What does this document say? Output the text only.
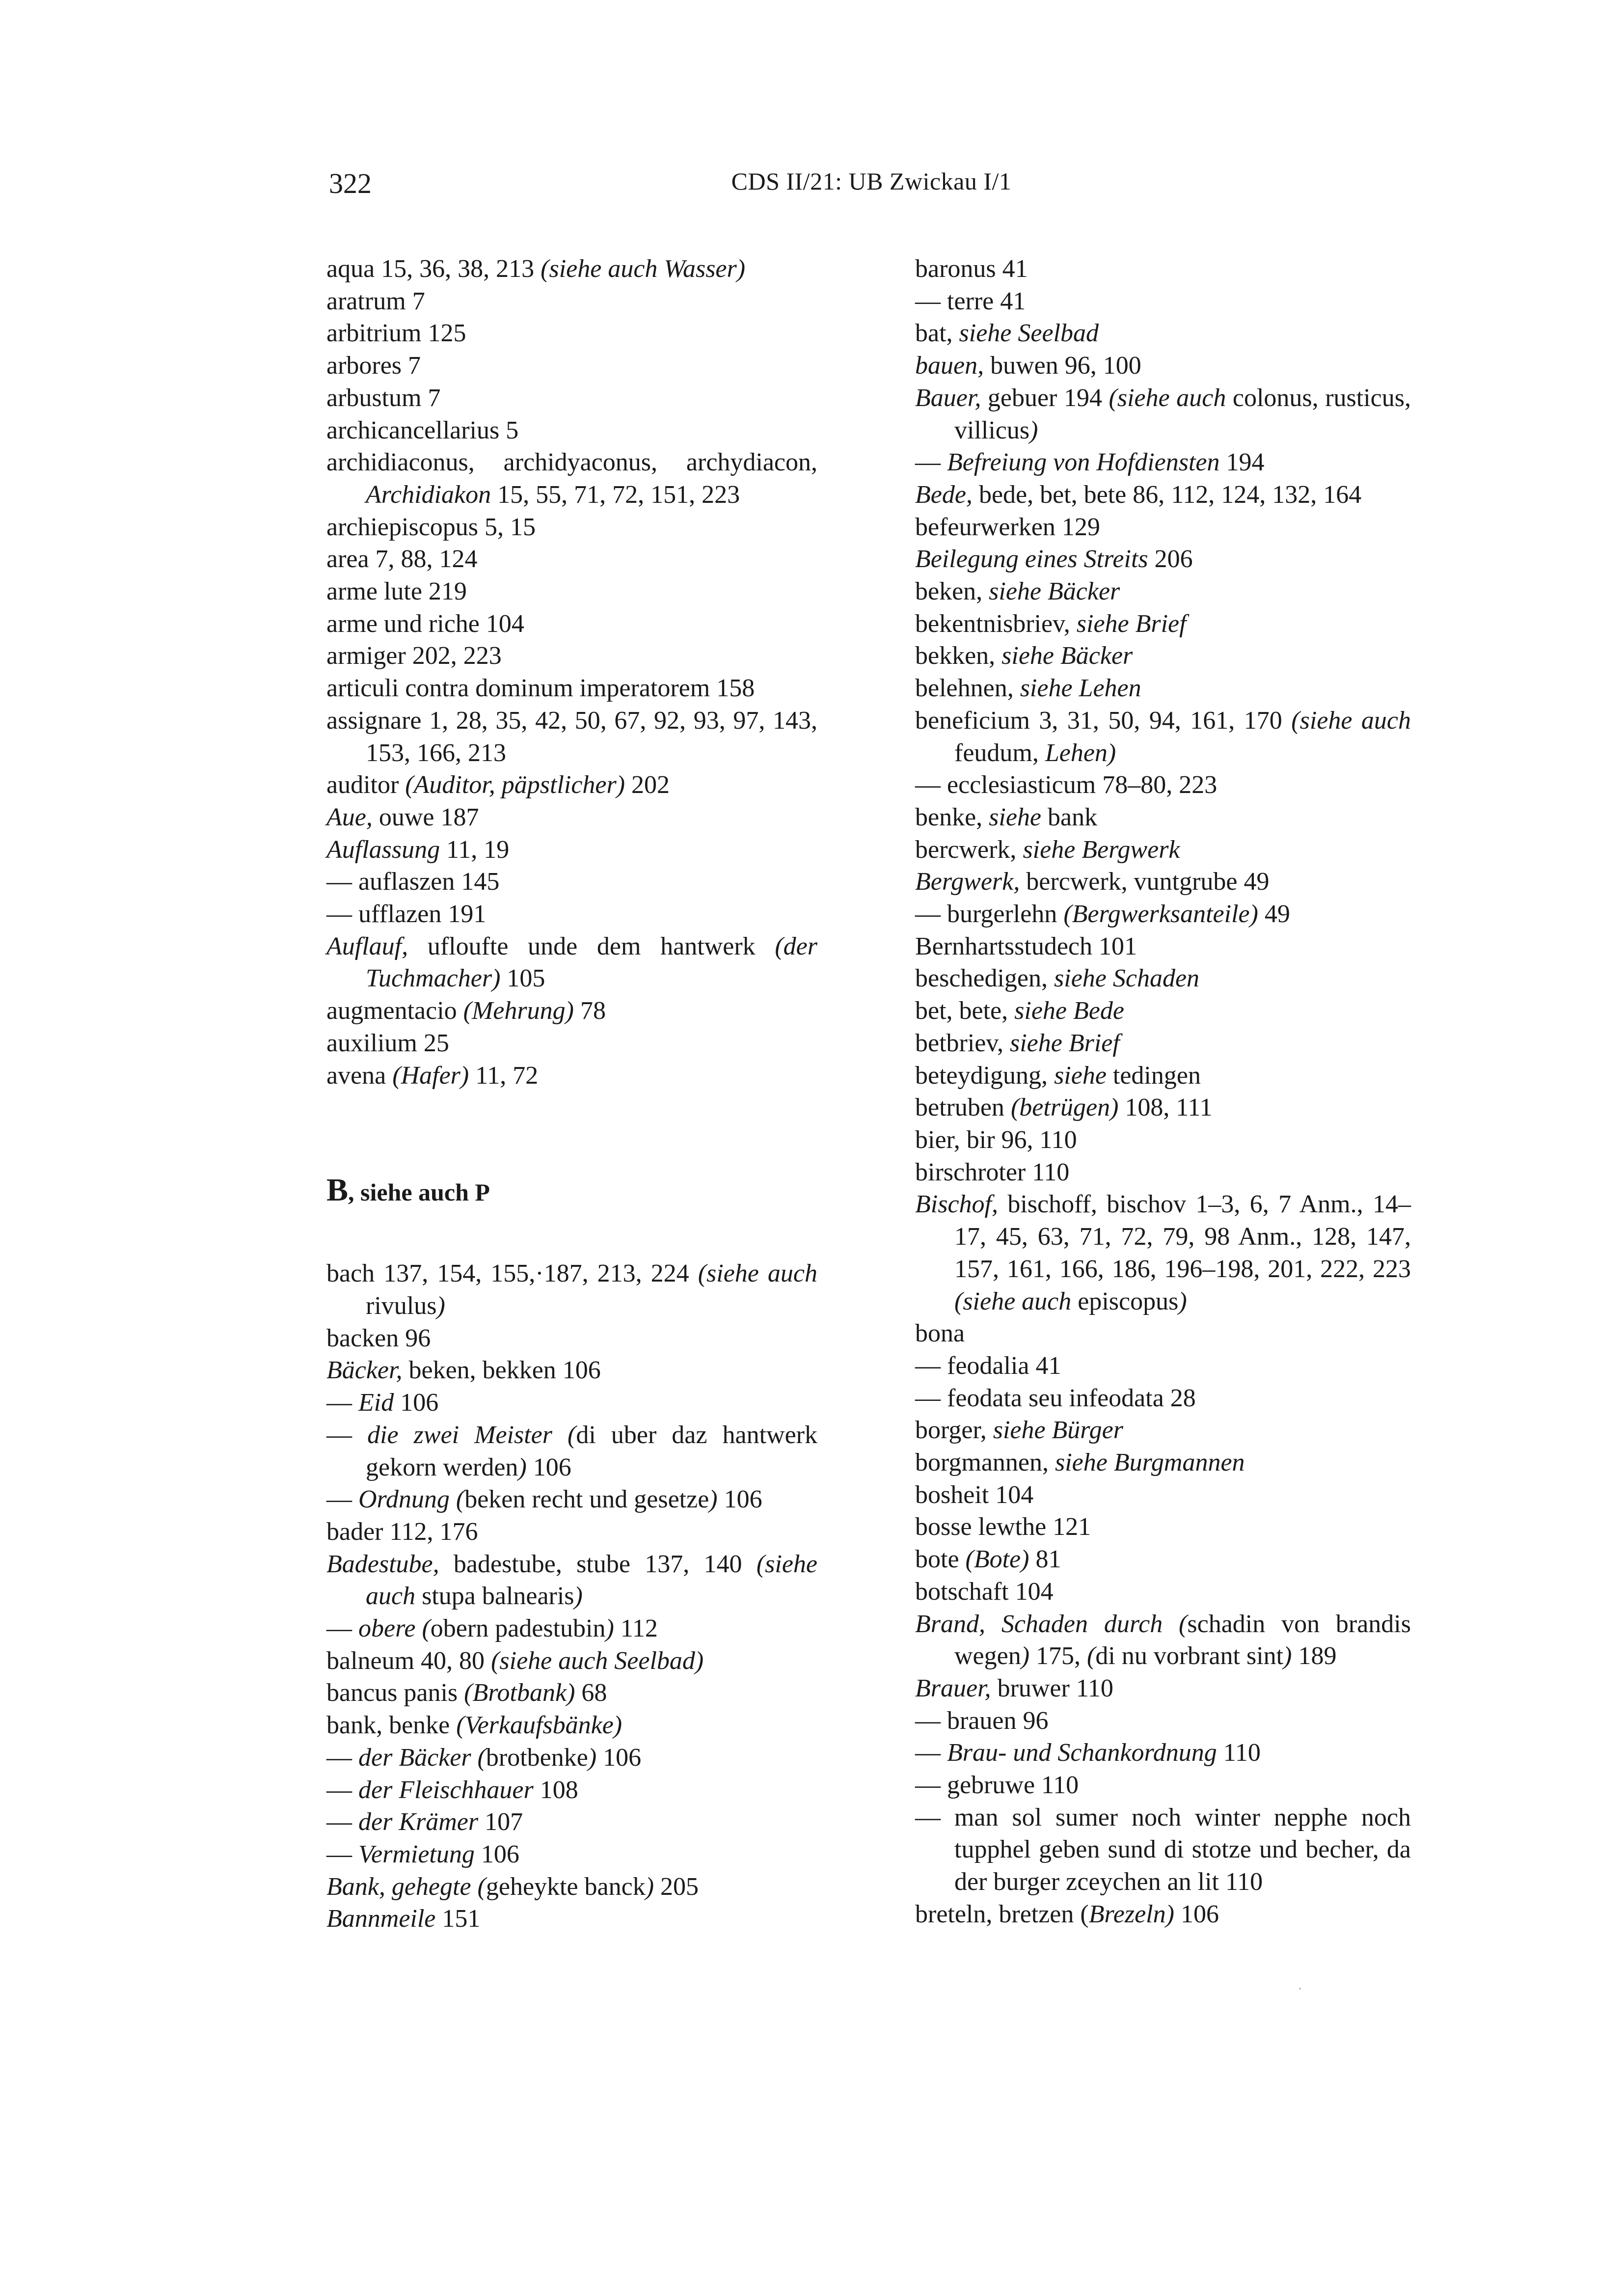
322	CDS II/21: UB Zwickau I/1
aqua 15, 36, 38, 213 (siehe auch Wasser)
aratrum 7
arbitrium 125
arbores 7
arbustum 7
archicancellarius 5
archidiaconus, archidyaconus, archydiacon, Archidiakon 15, 55, 71, 72, 151, 223
archiepiscopus 5, 15
area 7, 88, 124
arme lute 219
arme und riche 104
armiger 202, 223
articuli contra dominum imperatorem 158
assignare 1, 28, 35, 42, 50, 67, 92, 93, 97, 143, 153, 166, 213
auditor (Auditor, päpstlicher) 202
Aue, ouwe 187
Auflassung 11, 19
— auflaszen 145
— ufflazen 191
Auflauf, ufloufte unde dem hantwerk (der Tuchmacher) 105
augmentacio (Mehrung) 78
auxilium 25
avena (Hafer) 11, 72
B, siehe auch P
bach 137, 154, 155,·187, 213, 224 (siehe auch rivulus)
backen 96
Bäcker, beken, bekken 106
— Eid 106
— die zwei Meister (di uber daz hantwerk gekorn werden) 106
— Ordnung (beken recht und gesetze) 106
bader 112, 176
Badestube, badestube, stube 137, 140 (siehe auch stupa balnearis)
— obere (obern padestubin) 112
balneum 40, 80 (siehe auch Seelbad)
bancus panis (Brotbank) 68
bank, benke (Verkaufsbänke)
— der Bäcker (brotbenke) 106
— der Fleischhauer 108
— der Krämer 107
— Vermietung 106
Bank, gehegte (geheykte banck) 205
Bannmeile 151
baronus 41
— terre 41
bat, siehe Seelbad
bauen, buwen 96, 100
Bauer, gebuer 194 (siehe auch colonus, rusticus, villicus)
— Befreiung von Hofdiensten 194
Bede, bede, bet, bete 86, 112, 124, 132, 164
befeurwerken 129
Beilegung eines Streits 206
beken, siehe Bäcker
bekentnisbriev, siehe Brief
bekken, siehe Bäcker
belehnen, siehe Lehen
beneficium 3, 31, 50, 94, 161, 170 (siehe auch feudum, Lehen)
— ecclesiasticum 78–80, 223
benke, siehe bank
bercwerk, siehe Bergwerk
Bergwerk, bercwerk, vuntgrube 49
— burgerlehn (Bergwerksanteile) 49
Bernhartsstudech 101
beschedigen, siehe Schaden
bet, bete, siehe Bede
betbriev, siehe Brief
beteydigung, siehe tedingen
betruben (betrügen) 108, 111
bier, bir 96, 110
birschroter 110
Bischof, bischoff, bischov 1–3, 6, 7 Anm., 14–17, 45, 63, 71, 72, 79, 98 Anm., 128, 147, 157, 161, 166, 186, 196–198, 201, 222, 223 (siehe auch episcopus)
bona
— feodalia 41
— feodata seu infeodata 28
borger, siehe Bürger
borgmannen, siehe Burgmannen
bosheit 104
bosse lewthe 121
bote (Bote) 81
botschaft 104
Brand, Schaden durch (schadin von brandis wegen) 175, (di nu vorbrant sint) 189
Brauer, bruwer 110
— brauen 96
— Brau- und Schankordnung 110
— gebruwe 110
— man sol sumer noch winter nepphe noch tupphel geben sund di stotze und becher, da der burger zceychen an lit 110
breteln, bretzen (Brezeln) 106
